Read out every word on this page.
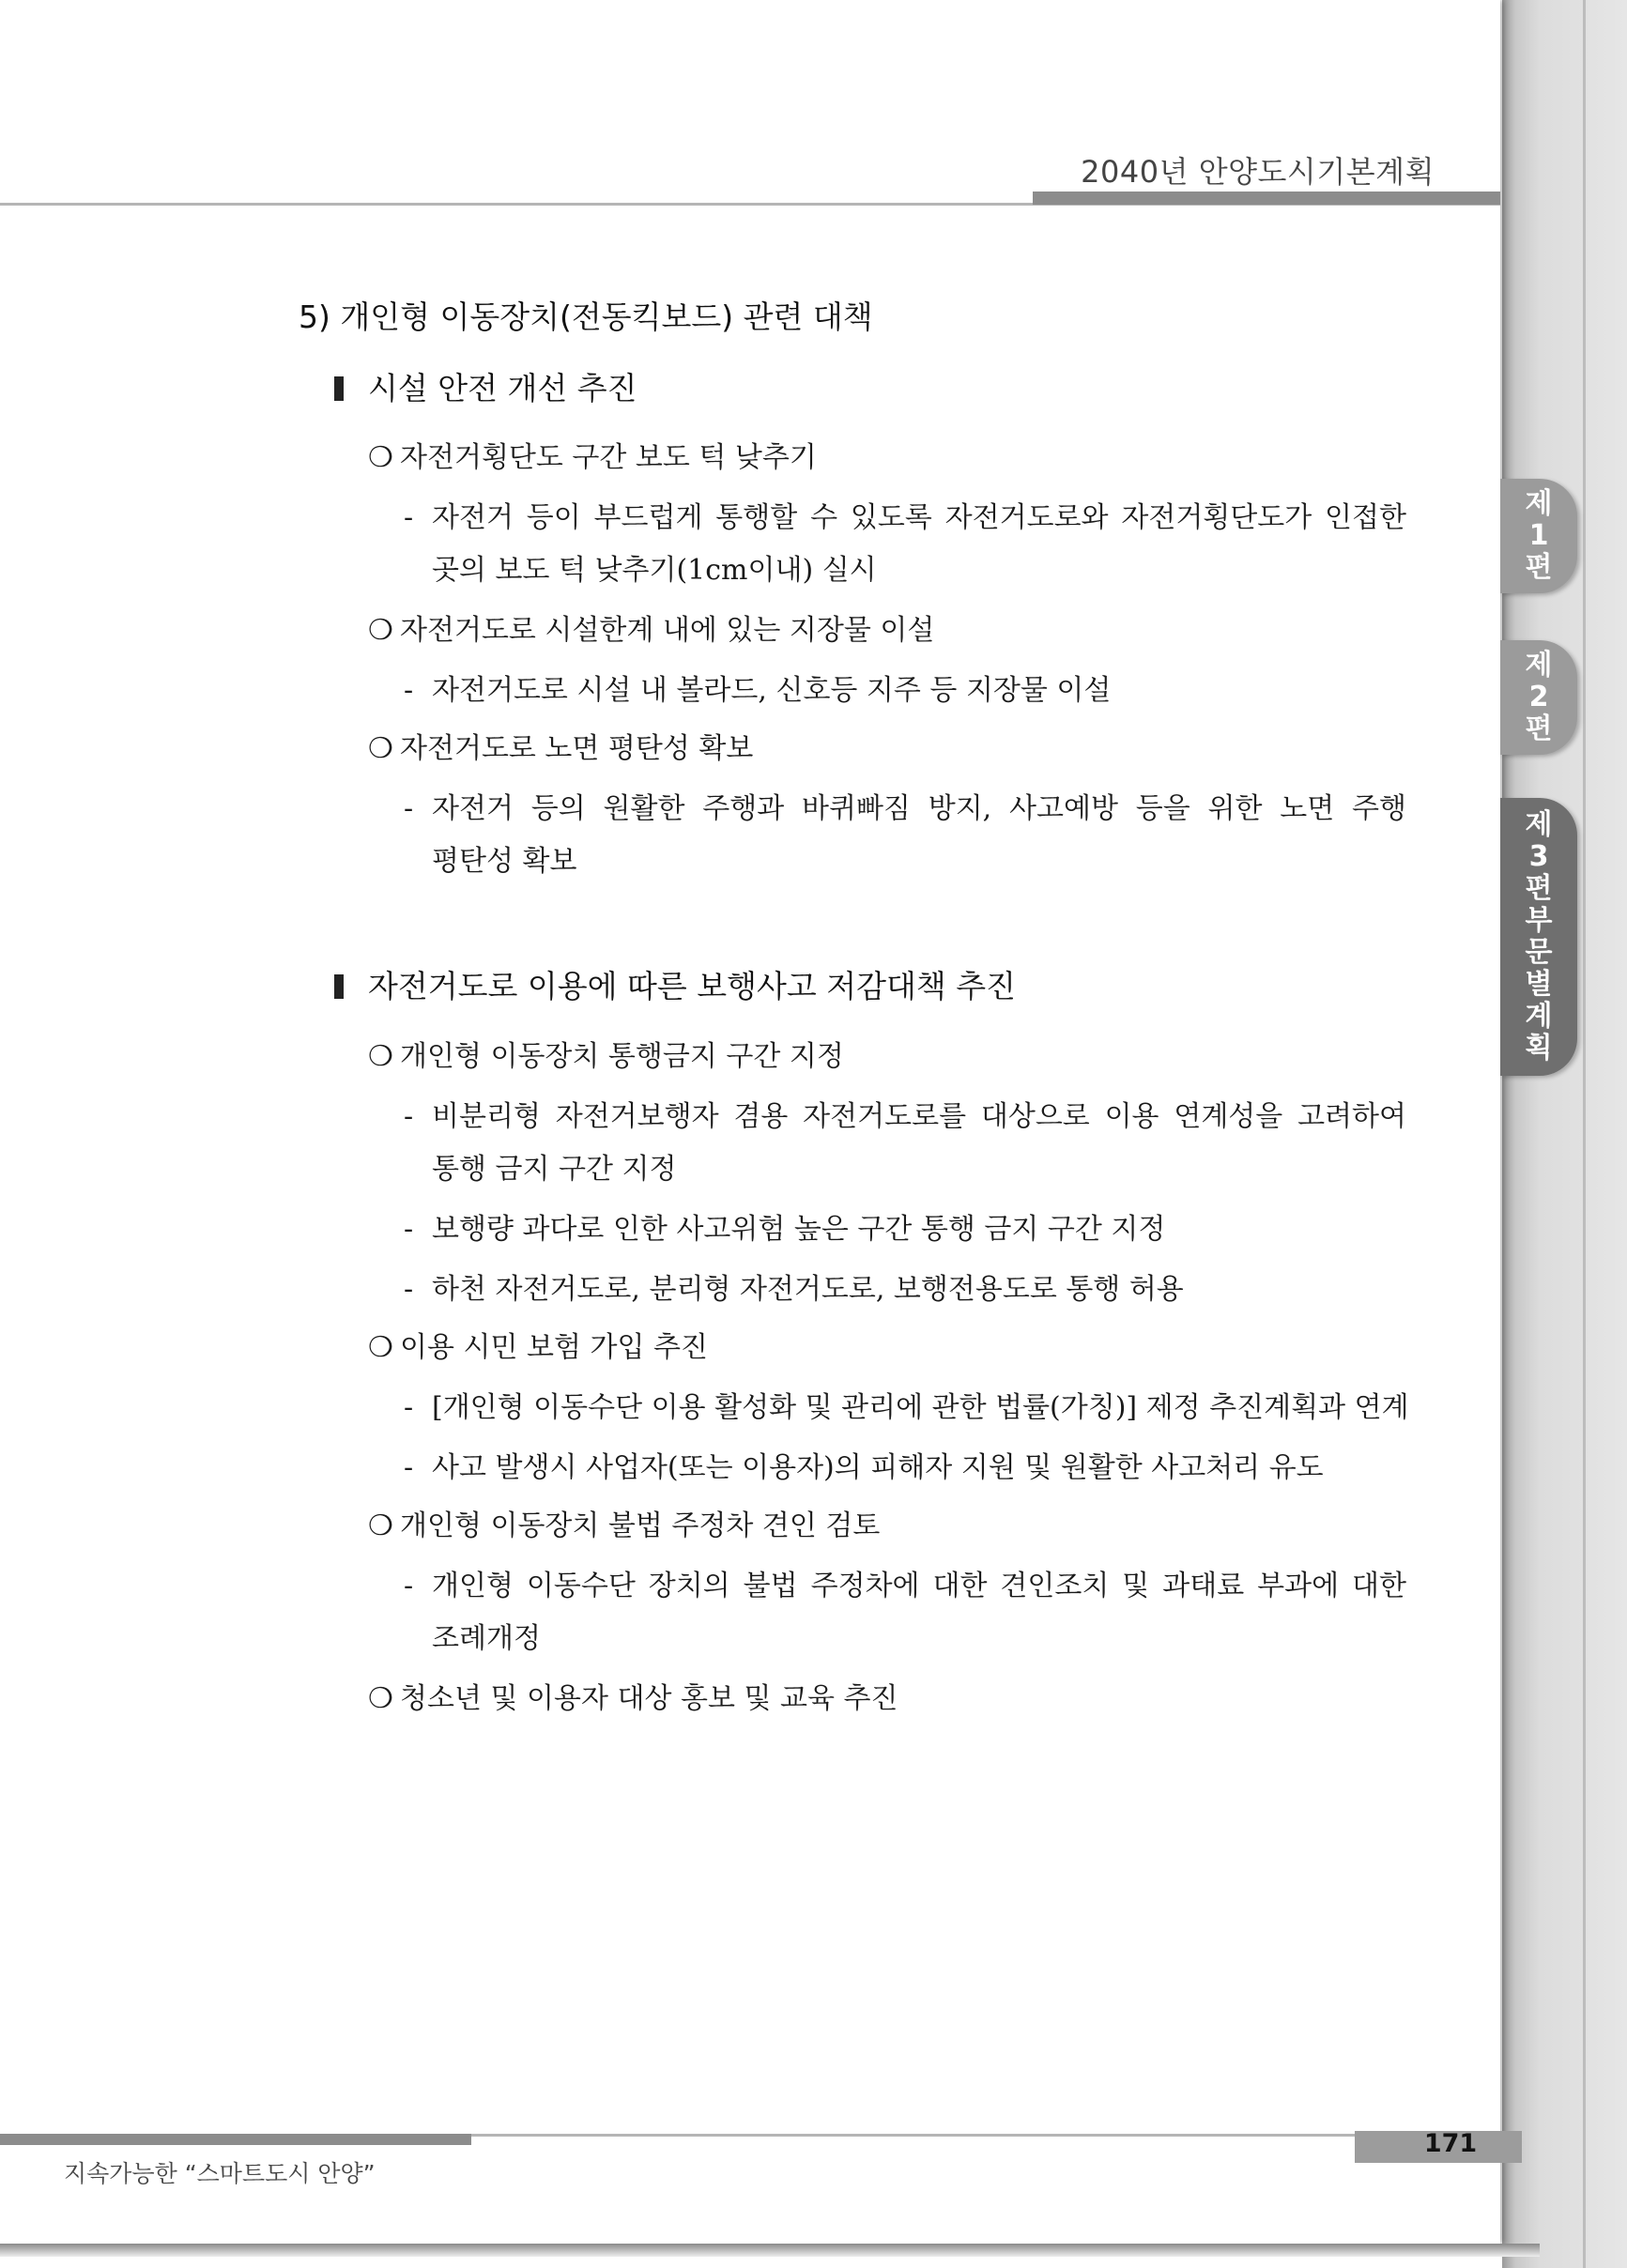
2040년 안양도시기본계획
제
1
편
제
2
편
제
3
편
부
문
별
계
획
5) 개인형 이동장치(전동킥보드) 관련 대책
시설 안전 개선 추진
❍ 자전거횡단도 구간 보도 턱 낮추기
- 자전거 등이 부드럽게 통행할 수 있도록 자전거도로와 자전거횡단도가 인접한
곳의 보도 턱 낮추기(1cm이내) 실시
❍ 자전거도로 시설한계 내에 있는 지장물 이설
- 자전거도로 시설 내 볼라드, 신호등 지주 등 지장물 이설
❍ 자전거도로 노면 평탄성 확보
- 자전거 등의 원활한 주행과 바퀴빠짐 방지, 사고예방 등을 위한 노면 주행
평탄성 확보
자전거도로 이용에 따른 보행사고 저감대책 추진
❍ 개인형 이동장치 통행금지 구간 지정
- 비분리형 자전거보행자 겸용 자전거도로를 대상으로 이용 연계성을 고려하여
통행 금지 구간 지정
- 보행량 과다로 인한 사고위험 높은 구간 통행 금지 구간 지정
- 하천 자전거도로, 분리형 자전거도로, 보행전용도로 통행 허용
❍ 이용 시민 보험 가입 추진
- [개인형 이동수단 이용 활성화 및 관리에 관한 법률(가칭)] 제정 추진계획과 연계
- 사고 발생시 사업자(또는 이용자)의 피해자 지원 및 원활한 사고처리 유도
❍ 개인형 이동장치 불법 주정차 견인 검토
- 개인형 이동수단 장치의 불법 주정차에 대한 견인조치 및 과태료 부과에 대한
조례개정
❍ 청소년 및 이용자 대상 홍보 및 교육 추진
171
지속가능한 “스마트도시 안양”
